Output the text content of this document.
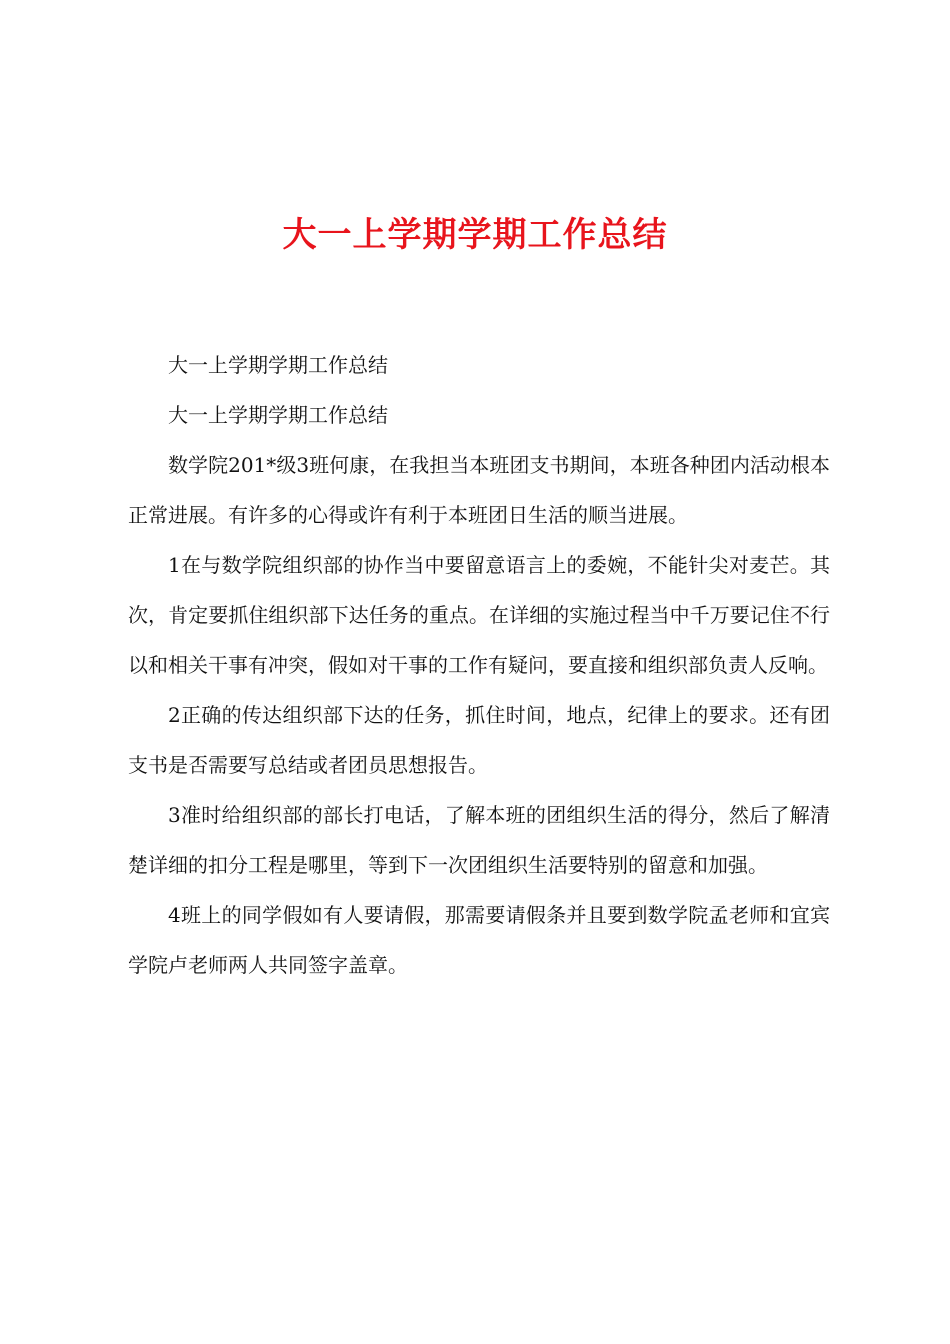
大一上学期学期工作总结

大一上学期学期工作总结

大一上学期学期工作总结

数学院201*级3班何康，在我担当本班团支书期间，本班各种团内活动根本正常进展。有许多的心得或许有利于本班团日生活的顺当进展。

1在与数学院组织部的协作当中要留意语言上的委婉，不能针尖对麦芒。其次，肯定要抓住组织部下达任务的重点。在详细的实施过程当中千万要记住不行以和相关干事有冲突，假如对干事的工作有疑问，要直接和组织部负责人反响。

2正确的传达组织部下达的任务，抓住时间，地点，纪律上的要求。还有团支书是否需要写总结或者团员思想报告。

3准时给组织部的部长打电话，了解本班的团组织生活的得分，然后了解清楚详细的扣分工程是哪里，等到下一次团组织生活要特别的留意和加强。

4班上的同学假如有人要请假，那需要请假条并且要到数学院孟老师和宜宾学院卢老师两人共同签字盖章。
